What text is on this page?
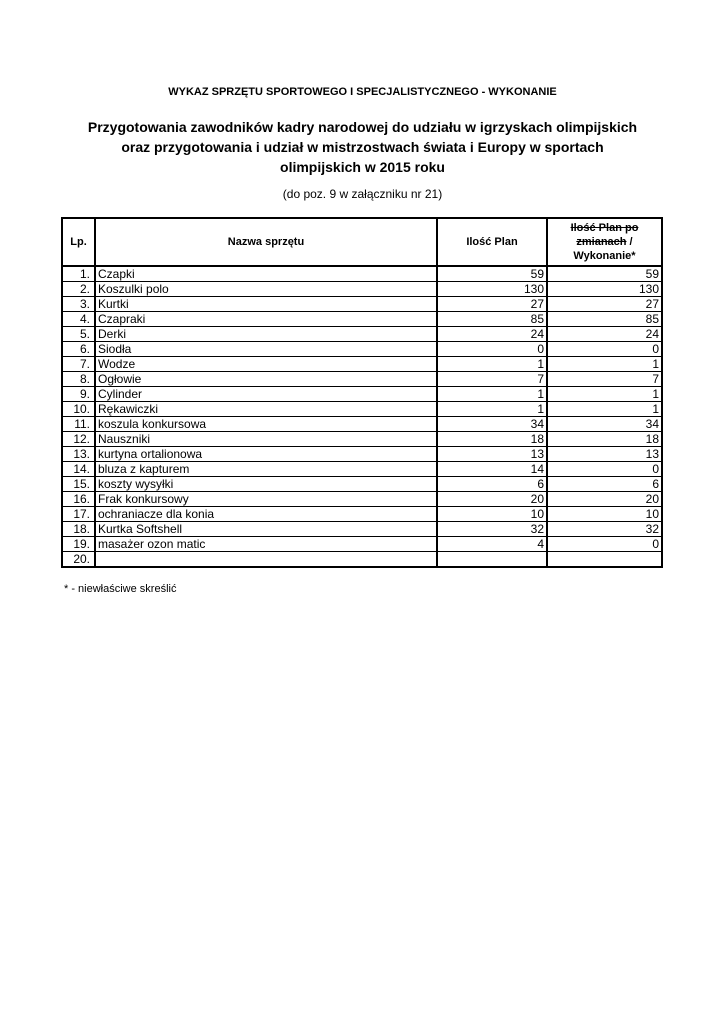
WYKAZ SPRZĘTU SPORTOWEGO I SPECJALISTYCZNEGO - WYKONANIE
Przygotowania zawodników kadry narodowej do udziału w igrzyskach olimpijskich
oraz przygotowania i udział w mistrzostwach świata i Europy w sportach
olimpijskich w 2015 roku
(do poz. 9 w załączniku nr 21)
Lp.	Nazwa sprzętu	Ilość Plan	Ilość Plan po
zmianach /
Wykonanie*
1.	Czapki	59	59
2.	Koszulki polo	130	130
3.	Kurtki	27	27
4.	Czapraki	85	85
5.	Derki	24	24
6.	Siodła	0	0
7.	Wodze	1	1
8.	Ogłowie	7	7
9.	Cylinder	1	1
10.	Rękawiczki	1	1
11.	koszula konkursowa	34	34
12.	Nauszniki	18	18
13.	kurtyna ortalionowa	13	13
14.	bluza z kapturem	14	0
15.	koszty wysyłki	6	6
16.	Frak konkursowy	20	20
17.	ochraniacze dla konia	10	10
18.	Kurtka Softshell	32	32
19.	masażer ozon matic	4	0
20.			
* - niewłaściwe skreślić
